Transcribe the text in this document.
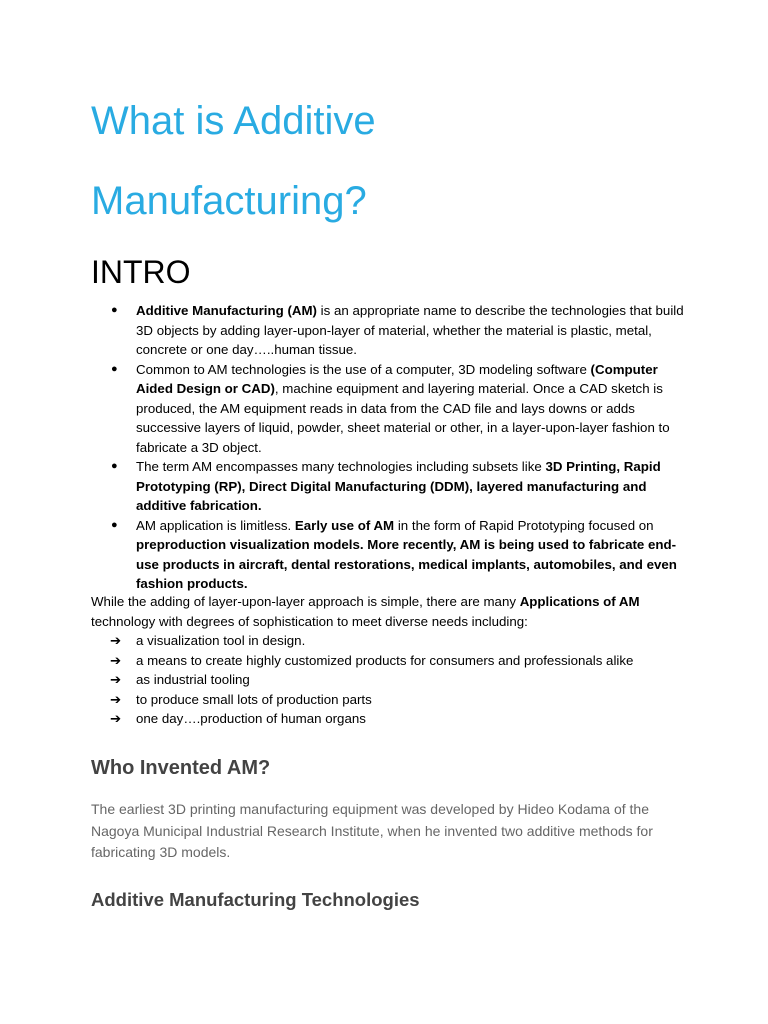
What is Additive
Manufacturing?
INTRO
● Additive Manufacturing (AM) is an appropriate name to describe the technologies that build 3D objects by adding layer-upon-layer of material, whether the material is plastic, metal, concrete or one day…..human tissue.
● Common to AM technologies is the use of a computer, 3D modeling software (Computer Aided Design or CAD), machine equipment and layering material. Once a CAD sketch is produced, the AM equipment reads in data from the CAD file and lays downs or adds successive layers of liquid, powder, sheet material or other, in a layer-upon-layer fashion to fabricate a 3D object.
● The term AM encompasses many technologies including subsets like 3D Printing, Rapid Prototyping (RP), Direct Digital Manufacturing (DDM), layered manufacturing and additive fabrication.
● AM application is limitless. Early use of AM in the form of Rapid Prototyping focused on preproduction visualization models. More recently, AM is being used to fabricate end-use products in aircraft, dental restorations, medical implants, automobiles, and even fashion products.

While the adding of layer-upon-layer approach is simple, there are many Applications of AM technology with degrees of sophistication to meet diverse needs including:

➔ a visualization tool in design.
➔ a means to create highly customized products for consumers and professionals alike
➔ as industrial tooling
➔ to produce small lots of production parts
➔ one day….production of human organs
Who Invented AM?

The earliest 3D printing manufacturing equipment was developed by Hideo Kodama of the Nagoya Municipal Industrial Research Institute, when he invented two additive methods for fabricating 3D models.

Additive Manufacturing Technologies
